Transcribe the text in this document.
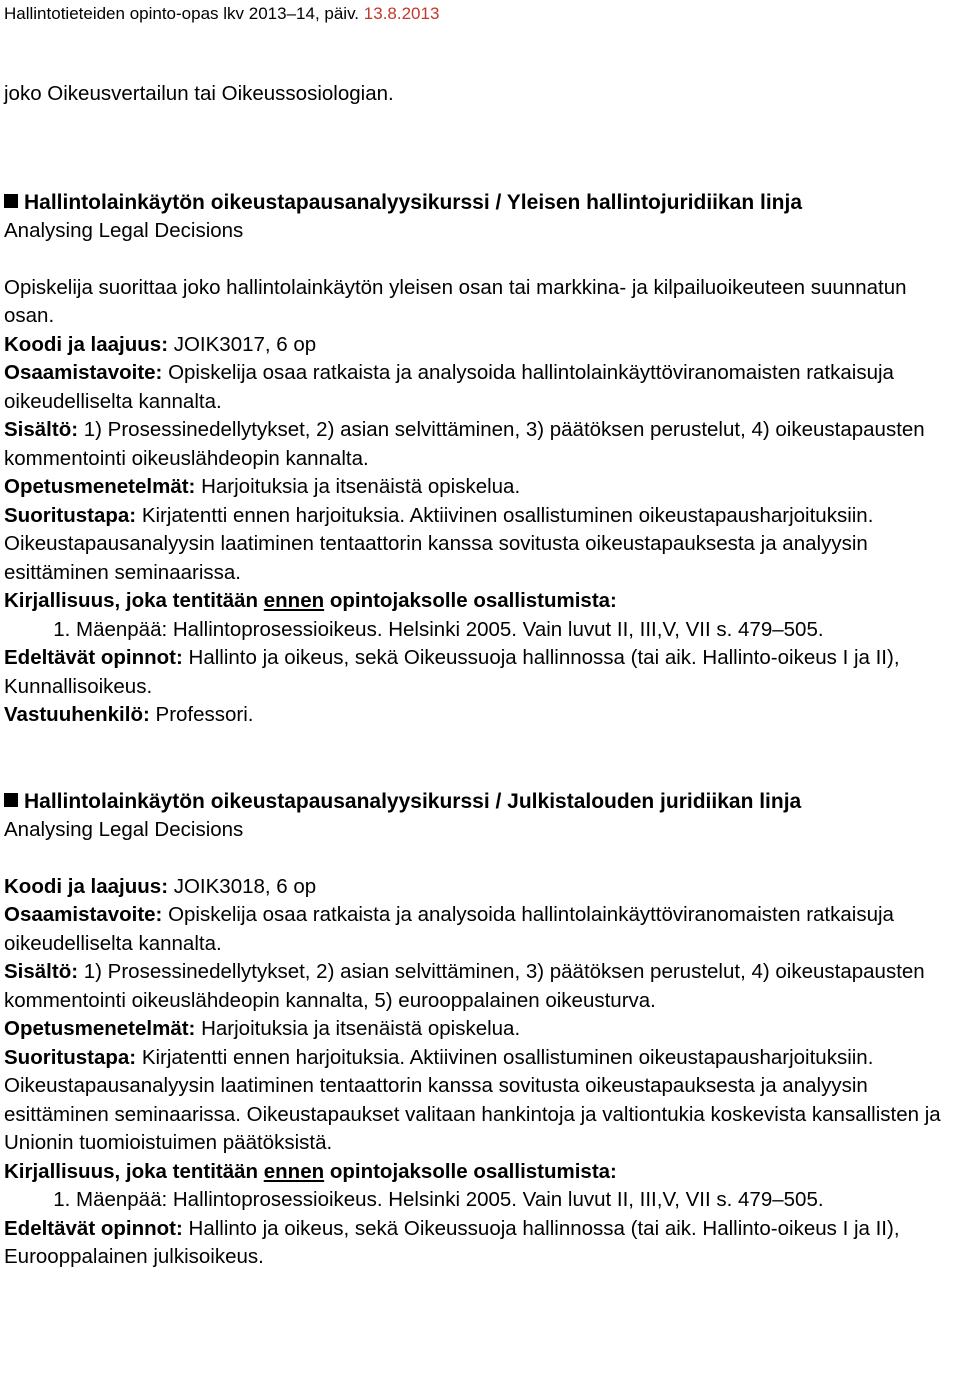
Hallintotieteiden opinto-opas lkv 2013–14, päiv. 13.8.2013

joko Oikeusvertailun tai Oikeussosiologian.

Hallintolainkäytön oikeustapausanalyysikurssi / Yleisen hallintojuridiikan linja

Analysing Legal Decisions

Opiskelija suorittaa joko hallintolainkäytön yleisen osan tai markkina- ja kilpailuoikeuteen suunnatun osan.

Koodi ja laajuus: JOIK3017, 6 op

Osaamistavoite: Opiskelija osaa ratkaista ja analysoida hallintolainkäyttöviranomaisten ratkaisuja oikeudelliselta kannalta.

Sisältö: 1) Prosessinedellytykset, 2) asian selvittäminen, 3) päätöksen perustelut, 4) oikeustapausten kommentointi oikeuslähdeopin kannalta.

Opetusmenetelmät: Harjoituksia ja itsenäistä opiskelua.

Suoritustapa: Kirjatentti ennen harjoituksia. Aktiivinen osallistuminen oikeustapausharjoituksiin. Oikeustapausanalyysin laatiminen tentaattorin kanssa sovitusta oikeustapauksesta ja analyysin esittäminen seminaarissa.

Kirjallisuus, joka tentitään ennen opintojaksolle osallistumista:

1. Mäenpää: Hallintoprosessioikeus. Helsinki 2005. Vain luvut II, III,V, VII s. 479–505.

Edeltävät opinnot: Hallinto ja oikeus, sekä Oikeussuoja hallinnossa (tai aik. Hallinto-oikeus I ja II), Kunnallisoikeus.

Vastuuhenkilö: Professori.

Hallintolainkäytön oikeustapausanalyysikurssi / Julkistalouden juridiikan linja

Analysing Legal Decisions

Koodi ja laajuus: JOIK3018, 6 op

Osaamistavoite: Opiskelija osaa ratkaista ja analysoida hallintolainkäyttöviranomaisten ratkaisuja oikeudelliselta kannalta.

Sisältö: 1) Prosessinedellytykset, 2) asian selvittäminen, 3) päätöksen perustelut, 4) oikeustapausten kommentointi oikeuslähdeopin kannalta, 5) eurooppalainen oikeusturva.

Opetusmenetelmät: Harjoituksia ja itsenäistä opiskelua.

Suoritustapa: Kirjatentti ennen harjoituksia. Aktiivinen osallistuminen oikeustapausharjoituksiin. Oikeustapausanalyysin laatiminen tentaattorin kanssa sovitusta oikeustapauksesta ja analyysin esittäminen seminaarissa. Oikeustapaukset valitaan hankintoja ja valtiontukia koskevista kansallisten ja Unionin tuomioistuimen päätöksistä.

Kirjallisuus, joka tentitään ennen opintojaksolle osallistumista:

1. Mäenpää: Hallintoprosessioikeus. Helsinki 2005. Vain luvut II, III,V, VII s. 479–505.

Edeltävät opinnot: Hallinto ja oikeus, sekä Oikeussuoja hallinnossa (tai aik. Hallinto-oikeus I ja II), Eurooppalainen julkisoikeus.
